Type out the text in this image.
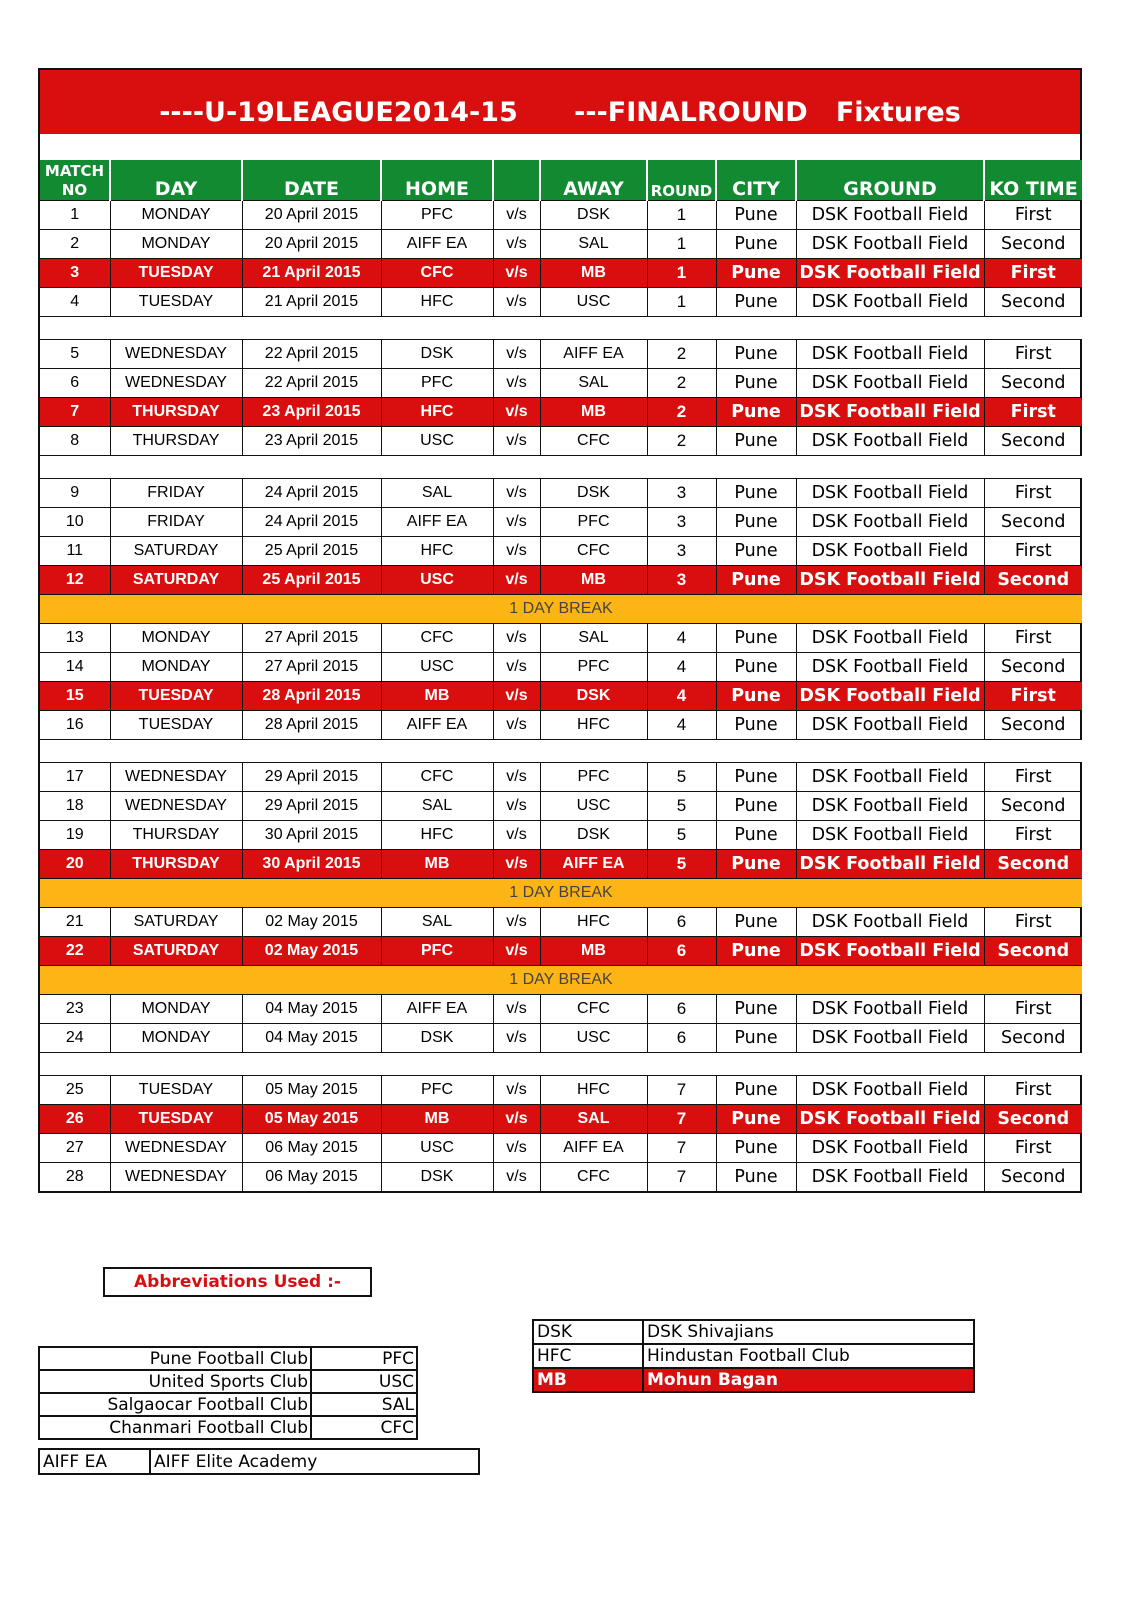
----U-19LEAGUE2014-15
---FINALROUND
Fixtures
MATCH
NO	DAY	DATE	HOME		AWAY	ROUND	CITY	GROUND	KO TIME
1	MONDAY	20 April 2015	PFC	v/s	DSK	1	Pune	DSK Football Field	First
2	MONDAY	20 April 2015	AIFF EA	v/s	SAL	1	Pune	DSK Football Field	Second
3	TUESDAY	21 April 2015	CFC	v/s	MB	1	Pune	DSK Football Field	First
4	TUESDAY	21 April 2015	HFC	v/s	USC	1	Pune	DSK Football Field	Second

5	WEDNESDAY	22 April 2015	DSK	v/s	AIFF EA	2	Pune	DSK Football Field	First
6	WEDNESDAY	22 April 2015	PFC	v/s	SAL	2	Pune	DSK Football Field	Second
7	THURSDAY	23 April 2015	HFC	v/s	MB	2	Pune	DSK Football Field	First
8	THURSDAY	23 April 2015	USC	v/s	CFC	2	Pune	DSK Football Field	Second

9	FRIDAY	24 April 2015	SAL	v/s	DSK	3	Pune	DSK Football Field	First
10	FRIDAY	24 April 2015	AIFF EA	v/s	PFC	3	Pune	DSK Football Field	Second
11	SATURDAY	25 April 2015	HFC	v/s	CFC	3	Pune	DSK Football Field	First
12	SATURDAY	25 April 2015	USC	v/s	MB	3	Pune	DSK Football Field	Second
1 DAY BREAK									
13	MONDAY	27 April 2015	CFC	v/s	SAL	4	Pune	DSK Football Field	First
14	MONDAY	27 April 2015	USC	v/s	PFC	4	Pune	DSK Football Field	Second
15	TUESDAY	28 April 2015	MB	v/s	DSK	4	Pune	DSK Football Field	First
16	TUESDAY	28 April 2015	AIFF EA	v/s	HFC	4	Pune	DSK Football Field	Second

17	WEDNESDAY	29 April 2015	CFC	v/s	PFC	5	Pune	DSK Football Field	First
18	WEDNESDAY	29 April 2015	SAL	v/s	USC	5	Pune	DSK Football Field	Second
19	THURSDAY	30 April 2015	HFC	v/s	DSK	5	Pune	DSK Football Field	First
20	THURSDAY	30 April 2015	MB	v/s	AIFF EA	5	Pune	DSK Football Field	Second
1 DAY BREAK									
21	SATURDAY	02 May 2015	SAL	v/s	HFC	6	Pune	DSK Football Field	First
22	SATURDAY	02 May 2015	PFC	v/s	MB	6	Pune	DSK Football Field	Second
1 DAY BREAK									
23	MONDAY	04 May 2015	AIFF EA	v/s	CFC	6	Pune	DSK Football Field	First
24	MONDAY	04 May 2015	DSK	v/s	USC	6	Pune	DSK Football Field	Second

25	TUESDAY	05 May 2015	PFC	v/s	HFC	7	Pune	DSK Football Field	First
26	TUESDAY	05 May 2015	MB	v/s	SAL	7	Pune	DSK Football Field	Second
27	WEDNESDAY	06 May 2015	USC	v/s	AIFF EA	7	Pune	DSK Football Field	First
28	WEDNESDAY	06 May 2015	DSK	v/s	CFC	7	Pune	DSK Football Field	Second
Abbreviations Used :-
Pune Football Club	PFC
United Sports Club	USC
Salgaocar Football Club	SAL
Chanmari Football Club	CFC
AIFF EA	AIFF Elite Academy
DSK	DSK Shivajians
HFC	Hindustan Football Club
MB	Mohun Bagan
